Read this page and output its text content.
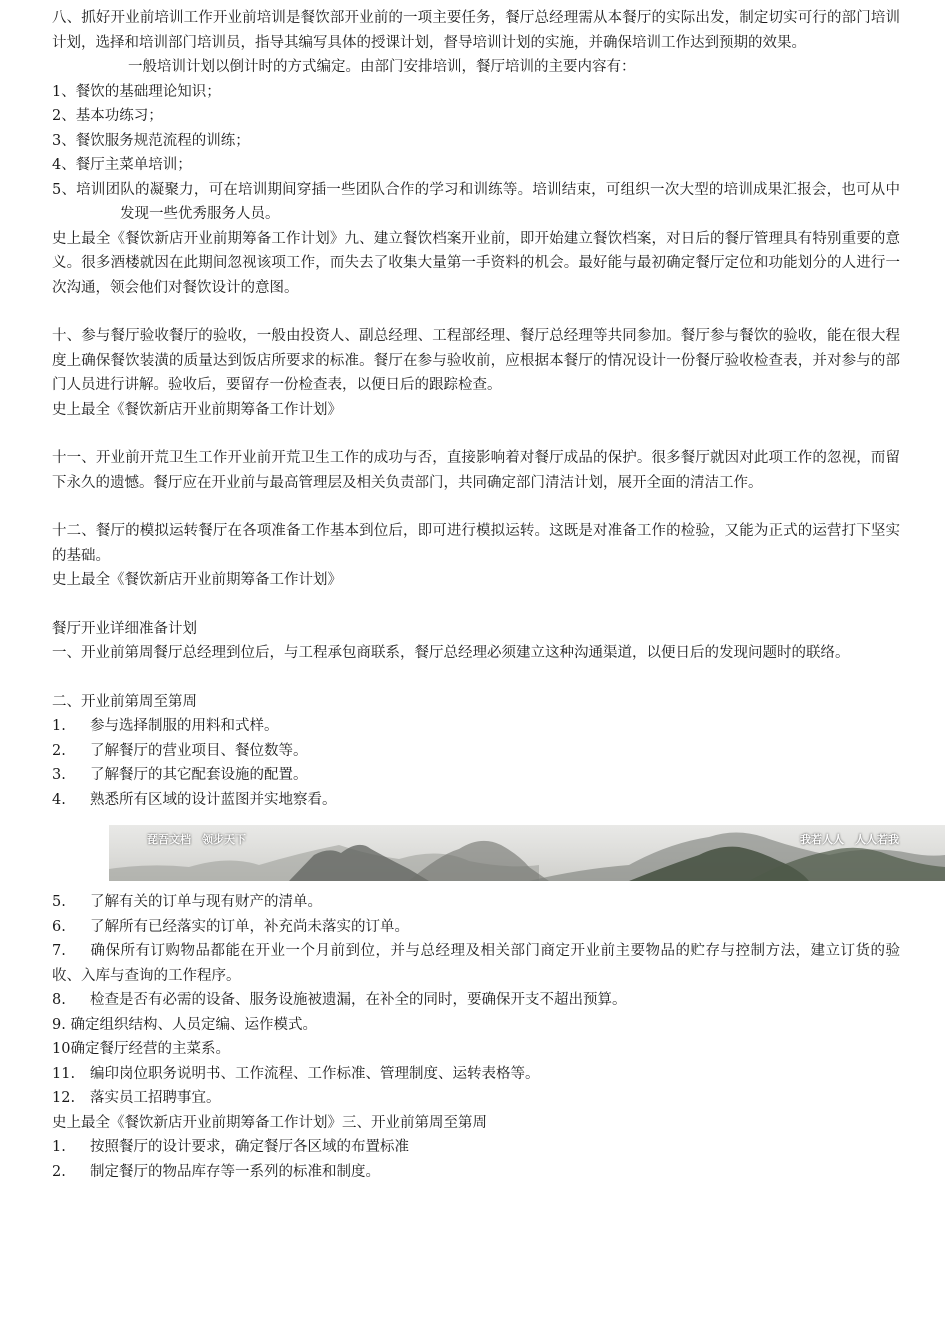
八、抓好开业前培训工作开业前培训是餐饮部开业前的一项主要任务，餐厅总经理需从本餐厅的实际出发，制定切实可行的部门培训计划，选择和培训部门培训员，指导其编写具体的授课计划，督导培训计划的实施，并确保培训工作达到预期的效果。

一般培训计划以倒计时的方式编定。由部门安排培训，餐厅培训的主要内容有：

1、餐饮的基础理论知识；

2、基本功练习；

3、餐饮服务规范流程的训练；

4、餐厅主菜单培训；

5、培训团队的凝聚力，可在培训期间穿插一些团队合作的学习和训练等。培训结束，可组织一次大型的培训成果汇报会，也可从中发现一些优秀服务人员。

史上最全《餐饮新店开业前期筹备工作计划》九、建立餐饮档案开业前，即开始建立餐饮档案，对日后的餐厅管理具有特别重要的意义。很多酒楼就因在此期间忽视该项工作，而失去了收集大量第一手资料的机会。最好能与最初确定餐厅定位和功能划分的人进行一次沟通，领会他们对餐饮设计的意图。

十、参与餐厅验收餐厅的验收，一般由投资人、副总经理、工程部经理、餐厅总经理等共同参加。餐厅参与餐饮的验收，能在很大程度上确保餐饮装潢的质量达到饭店所要求的标准。餐厅在参与验收前，应根据本餐厅的情况设计一份餐厅验收检查表，并对参与的部门人员进行讲解。验收后，要留存一份检查表，以便日后的跟踪检查。

史上最全《餐饮新店开业前期筹备工作计划》

十一、开业前开荒卫生工作开业前开荒卫生工作的成功与否，直接影响着对餐厅成品的保护。很多餐厅就因对此项工作的忽视，而留下永久的遗憾。餐厅应在开业前与最高管理层及相关负责部门，共同确定部门清洁计划，展开全面的清洁工作。

十二、餐厅的模拟运转餐厅在各项准备工作基本到位后，即可进行模拟运转。这既是对准备工作的检验，又能为正式的运营打下坚实的基础。

史上最全《餐饮新店开业前期筹备工作计划》

餐厅开业详细准备计划

一、开业前第周餐厅总经理到位后，与工程承包商联系，餐厅总经理必须建立这种沟通渠道，以便日后的发现问题时的联络。

二、开业前第周至第周

1. 参与选择制服的用料和式样。

2. 了解餐厅的营业项目、餐位数等。

3. 了解餐厅的其它配套设施的配置。

4. 熟悉所有区域的设计蓝图并实地察看。

琵吾文档　领步天下	我若人人　人人若我

5. 了解有关的订单与现有财产的清单。

6. 了解所有已经落实的订单，补充尚未落实的订单。

7. 确保所有订购物品都能在开业一个月前到位，并与总经理及相关部门商定开业前主要物品的贮存与控制方法，建立订货的验收、入库与查询的工作程序。

8. 检查是否有必需的设备、服务设施被遗漏，在补全的同时，要确保开支不超出预算。

9. 确定组织结构、人员定编、运作模式。

10确定餐厅经营的主菜系。

11. 编印岗位职务说明书、工作流程、工作标准、管理制度、运转表格等。

12. 落实员工招聘事宜。

史上最全《餐饮新店开业前期筹备工作计划》三、开业前第周至第周

1. 按照餐厅的设计要求，确定餐厅各区域的布置标准

2. 制定餐厅的物品库存等一系列的标准和制度。
